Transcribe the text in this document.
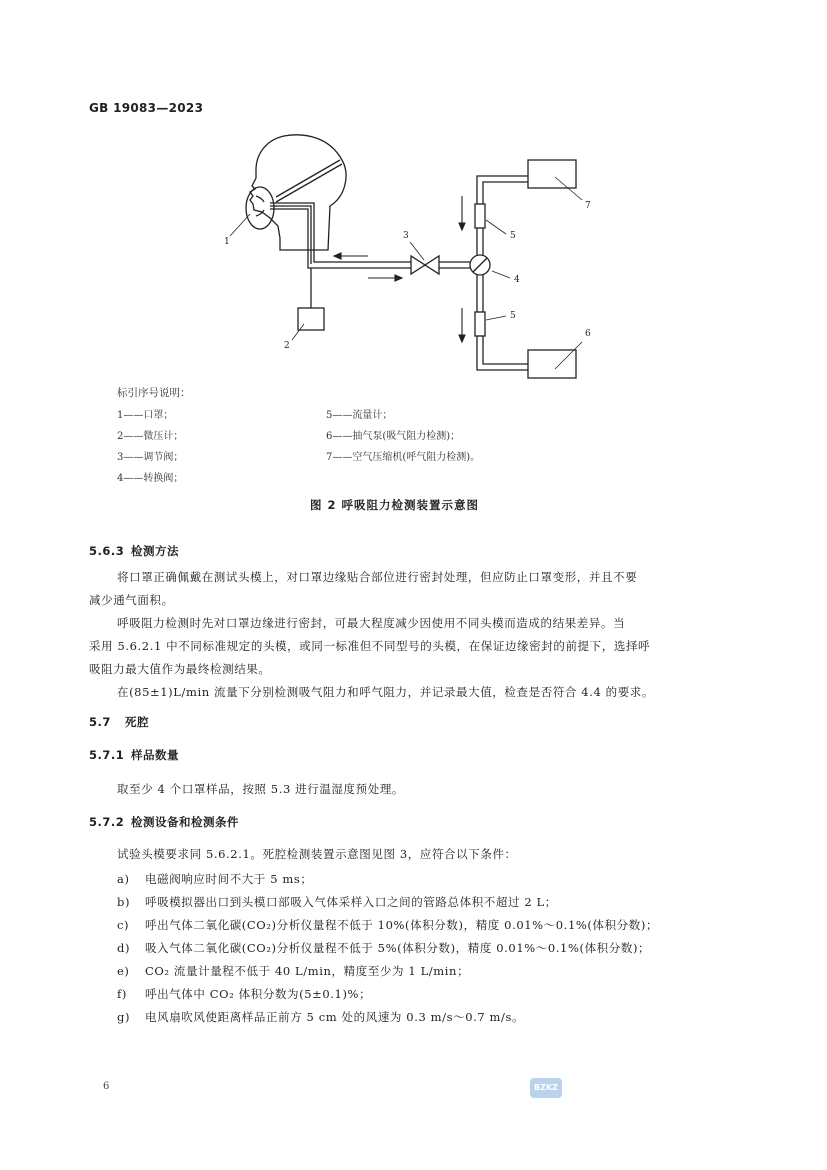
GB 19083—2023
1
2
3
4
5
5
6
7
标引序号说明：
1——口罩；
2——微压计；
3——调节阀；
4——转换阀；
5——流量计；
6——抽气泵(吸气阻力检测)；
7——空气压缩机(呼气阻力检测)。
图 2 呼吸阻力检测装置示意图
5.6.3 检测方法
将口罩正确佩戴在测试头模上，对口罩边缘贴合部位进行密封处理，但应防止口罩变形，并且不要
减少通气面积。
呼吸阻力检测时先对口罩边缘进行密封，可最大程度减少因使用不同头模而造成的结果差异。当
采用 5.6.2.1 中不同标准规定的头模，或同一标准但不同型号的头模，在保证边缘密封的前提下，选择呼
吸阻力最大值作为最终检测结果。
在(85±1)L/min 流量下分别检测吸气阻力和呼气阻力，并记录最大值，检查是否符合 4.4 的要求。
5.7 死腔
5.7.1 样品数量
取至少 4 个口罩样品，按照 5.3 进行温湿度预处理。
5.7.2 检测设备和检测条件
试验头模要求同 5.6.2.1。死腔检测装置示意图见图 3，应符合以下条件：
a) 电磁阀响应时间不大于 5 ms；
b) 呼吸模拟器出口到头模口部吸入气体采样入口之间的管路总体积不超过 2 L；
c) 呼出气体二氧化碳(CO₂)分析仪量程不低于 10%(体积分数)，精度 0.01%～0.1%(体积分数)；
d) 吸入气体二氧化碳(CO₂)分析仪量程不低于 5%(体积分数)，精度 0.01%～0.1%(体积分数)；
e) CO₂ 流量计量程不低于 40 L/min，精度至少为 1 L/min；
f) 呼出气体中 CO₂ 体积分数为(5±0.1)%；
g) 电风扇吹风使距离样品正前方 5 cm 处的风速为 0.3 m/s～0.7 m/s。
6	BZKZ
